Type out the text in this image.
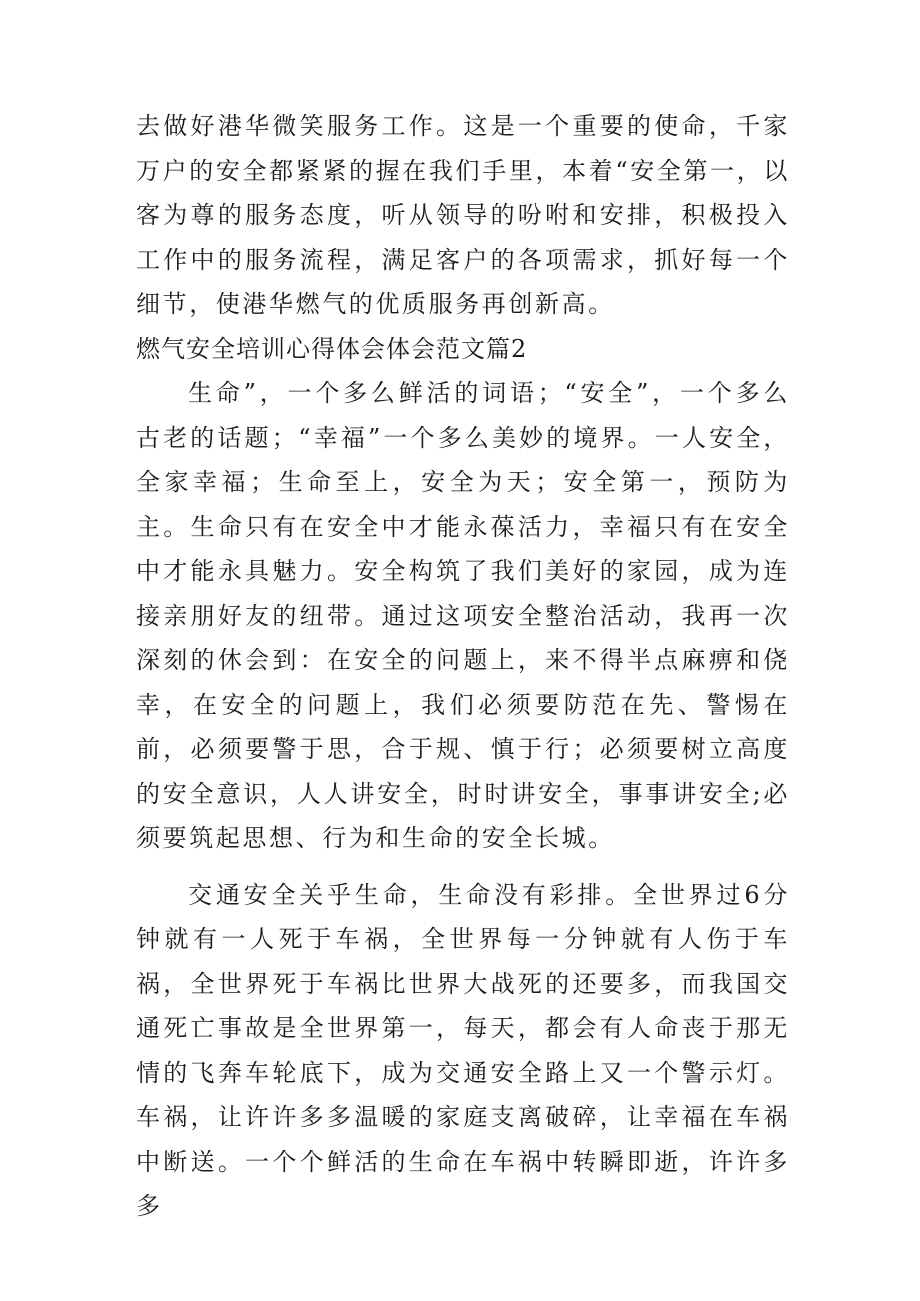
去做好港华微笑服务工作。这是一个重要的使命，千家万户的安全都紧紧的握在我们手里，本着“安全第一，以客为尊的服务态度，听从领导的吩咐和安排，积极投入工作中的服务流程，满足客户的各项需求，抓好每一个细节，使港华燃气的优质服务再创新高。

燃气安全培训心得体会体会范文篇2

生命”，一个多么鲜活的词语；“安全”，一个多么古老的话题；“幸福”一个多么美妙的境界。一人安全，全家幸福；生命至上，安全为天；安全第一，预防为主。生命只有在安全中才能永葆活力，幸福只有在安全中才能永具魅力。安全构筑了我们美好的家园，成为连接亲朋好友的纽带。通过这项安全整治活动，我再一次深刻的休会到：在安全的问题上，来不得半点麻痹和侥幸，在安全的问题上，我们必须要防范在先、警惕在前，必须要警于思，合于规、慎于行；必须要树立高度的安全意识，人人讲安全，时时讲安全，事事讲安全;必须要筑起思想、行为和生命的安全长城。

交通安全关乎生命，生命没有彩排。全世界过6分钟就有一人死于车祸，全世界每一分钟就有人伤于车祸，全世界死于车祸比世界大战死的还要多，而我国交通死亡事故是全世界第一，每天，都会有人命丧于那无情的飞奔车轮底下，成为交通安全路上又一个警示灯。车祸，让许许多多温暖的家庭支离破碎，让幸福在车祸中断送。一个个鲜活的生命在车祸中转瞬即逝，许许多多
